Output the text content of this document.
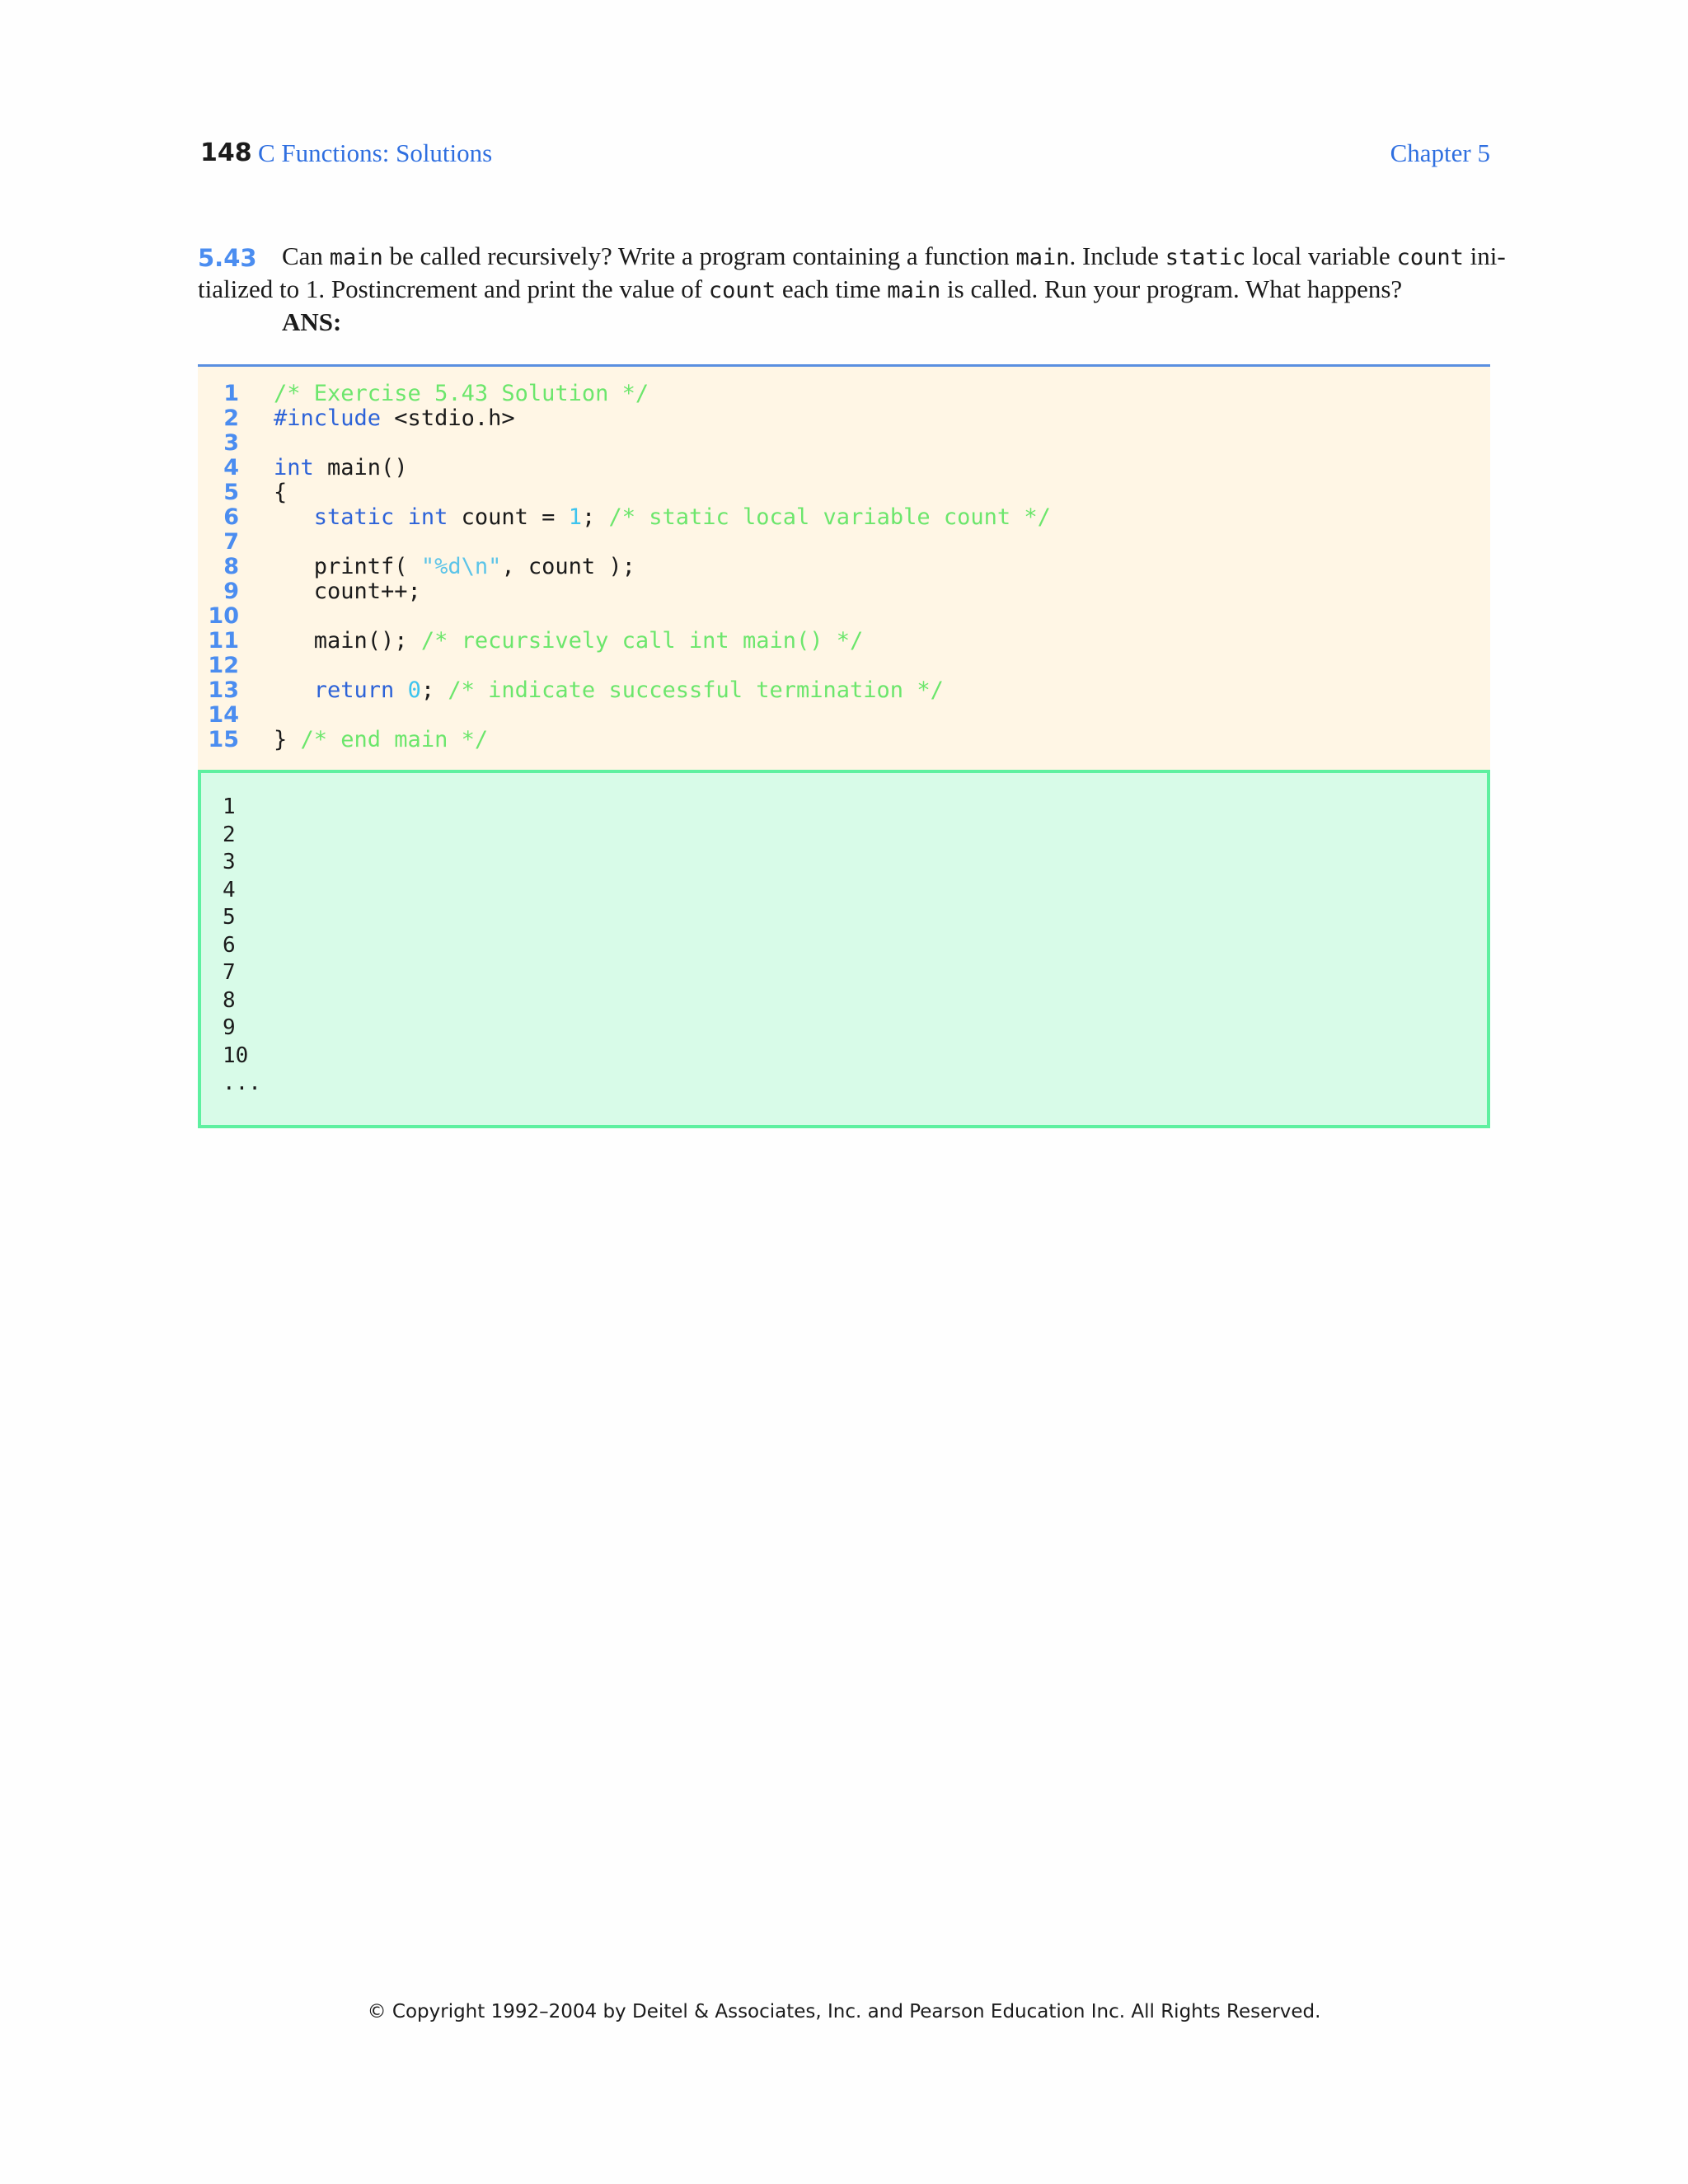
148 C Functions: Solutions	Chapter 5
5.43 Can main be called recursively? Write a program containing a function main. Include static local variable count ini-
tialized to 1. Postincrement and print the value of count each time main is called. Run your program. What happens?
ANS:
1 /* Exercise 5.43 Solution */
2 #include <stdio.h>
3
4 int main()
5 {
6	static int count = 1; /* static local variable count */
7
8 printf( "%d\n", count );
9 count++;
10
11 main(); /* recursively call int main() */
12
13	return 0; /* indicate successful termination */
14
15 } /* end main */
1
2
3
4
5
6
7
8
9
10
...
© Copyright 1992–2004 by Deitel & Associates, Inc. and Pearson Education Inc. All Rights Reserved.
